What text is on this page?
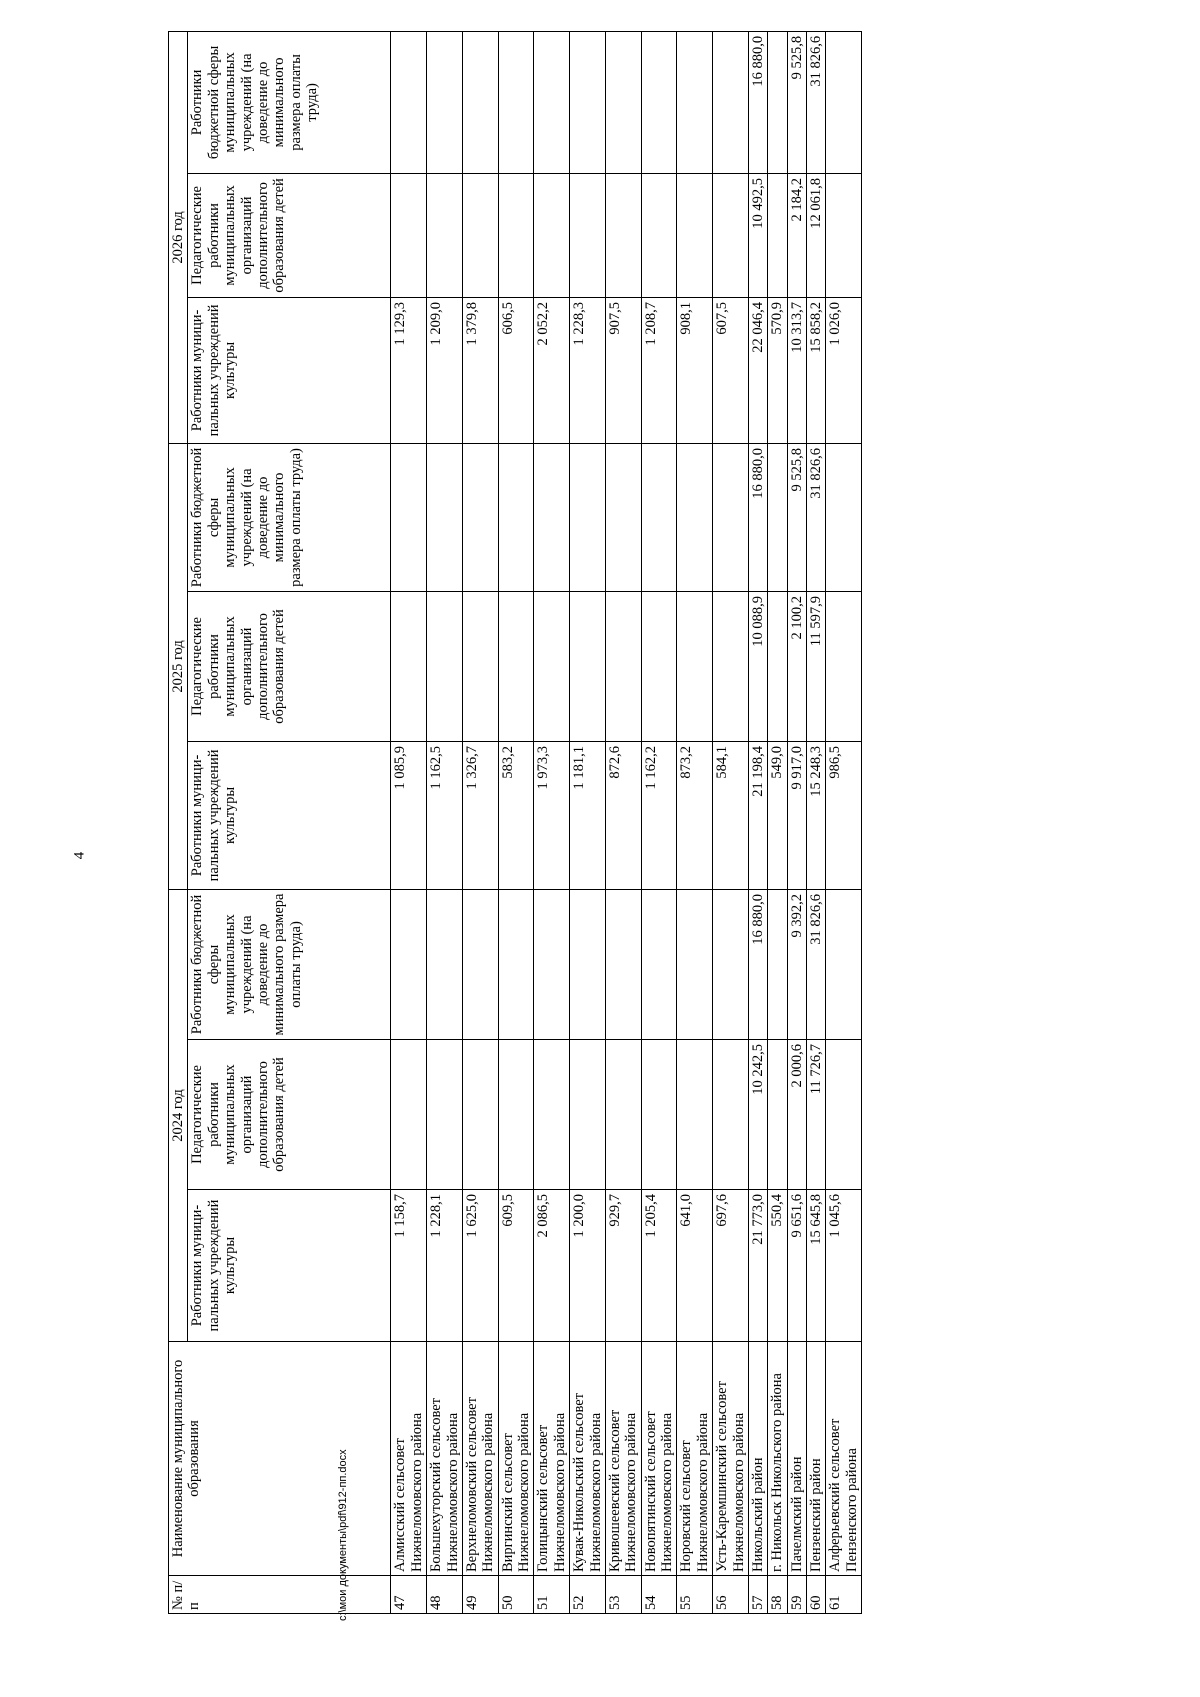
4
№ п/п	Наименование муниципального образования	2024 год			2025 год			2026 год		
		Работники муници-пальных учреждений культуры	Педагогические работники муниципальных организаций дополнительного образования детей	Работники бюджетной сферы муниципальных учреждений (на доведение до минимального размера оплаты труда)	Работники муници-пальных учреждений культуры	Педагогические работники муниципальных организаций дополнительного образования детей	Работники бюджетной сферы муниципальных учреждений (на доведение до минимального размера оплаты труда)	Работники муници-пальных учреждений культуры	Педагогические работники муниципальных организаций дополнительного образования детей	Работники бюджетной сферы муниципальных учреждений (на доведение до минимального размера оплаты труда)
47	Алмисский сельсовет Нижнеломовского района	1 158,7			1 085,9			1 129,3		
48	Большехуторский сельсовет Нижнеломовского района	1 228,1			1 162,5			1 209,0		
49	Верхнеломовский сельсовет Нижнеломовского района	1 625,0			1 326,7			1 379,8		
50	Виргинский сельсовет Нижнеломовского района	609,5			583,2			606,5		
51	Голицынский сельсовет Нижнеломовского района	2 086,5			1 973,3			2 052,2		
52	Кувак-Никольский сельсовет Нижнеломовского района	1 200,0			1 181,1			1 228,3		
53	Кривошеевский сельсовет Нижнеломовского района	929,7			872,6			907,5		
54	Новопятинский сельсовет Нижнеломовского района	1 205,4			1 162,2			1 208,7		
55	Норовский сельсовет Нижнеломовского района	641,0			873,2			908,1		
56	Усть-Каремшинский сельсовет Нижнеломовского района	697,6			584,1			607,5		
57	Никольский район	21 773,0	10 242,5	16 880,0	21 198,4	10 088,9	16 880,0	22 046,4	10 492,5	16 880,0
58	г. Никольск Никольского района	550,4			549,0			570,9		
59	Пачелмский район	9 651,6	2 000,6	9 392,2	9 917,0	2 100,2	9 525,8	10 313,7	2 184,2	9 525,8
60	Пензенский район	15 645,8	11 726,7	31 826,6	15 248,3	11 597,9	31 826,6	15 858,2	12 061,8	31 826,6
61	Алферьевский сельсовет Пензенского района	1 045,6			986,5			1 026,0		
c:\мои документы\pdf\912-пп.docx
